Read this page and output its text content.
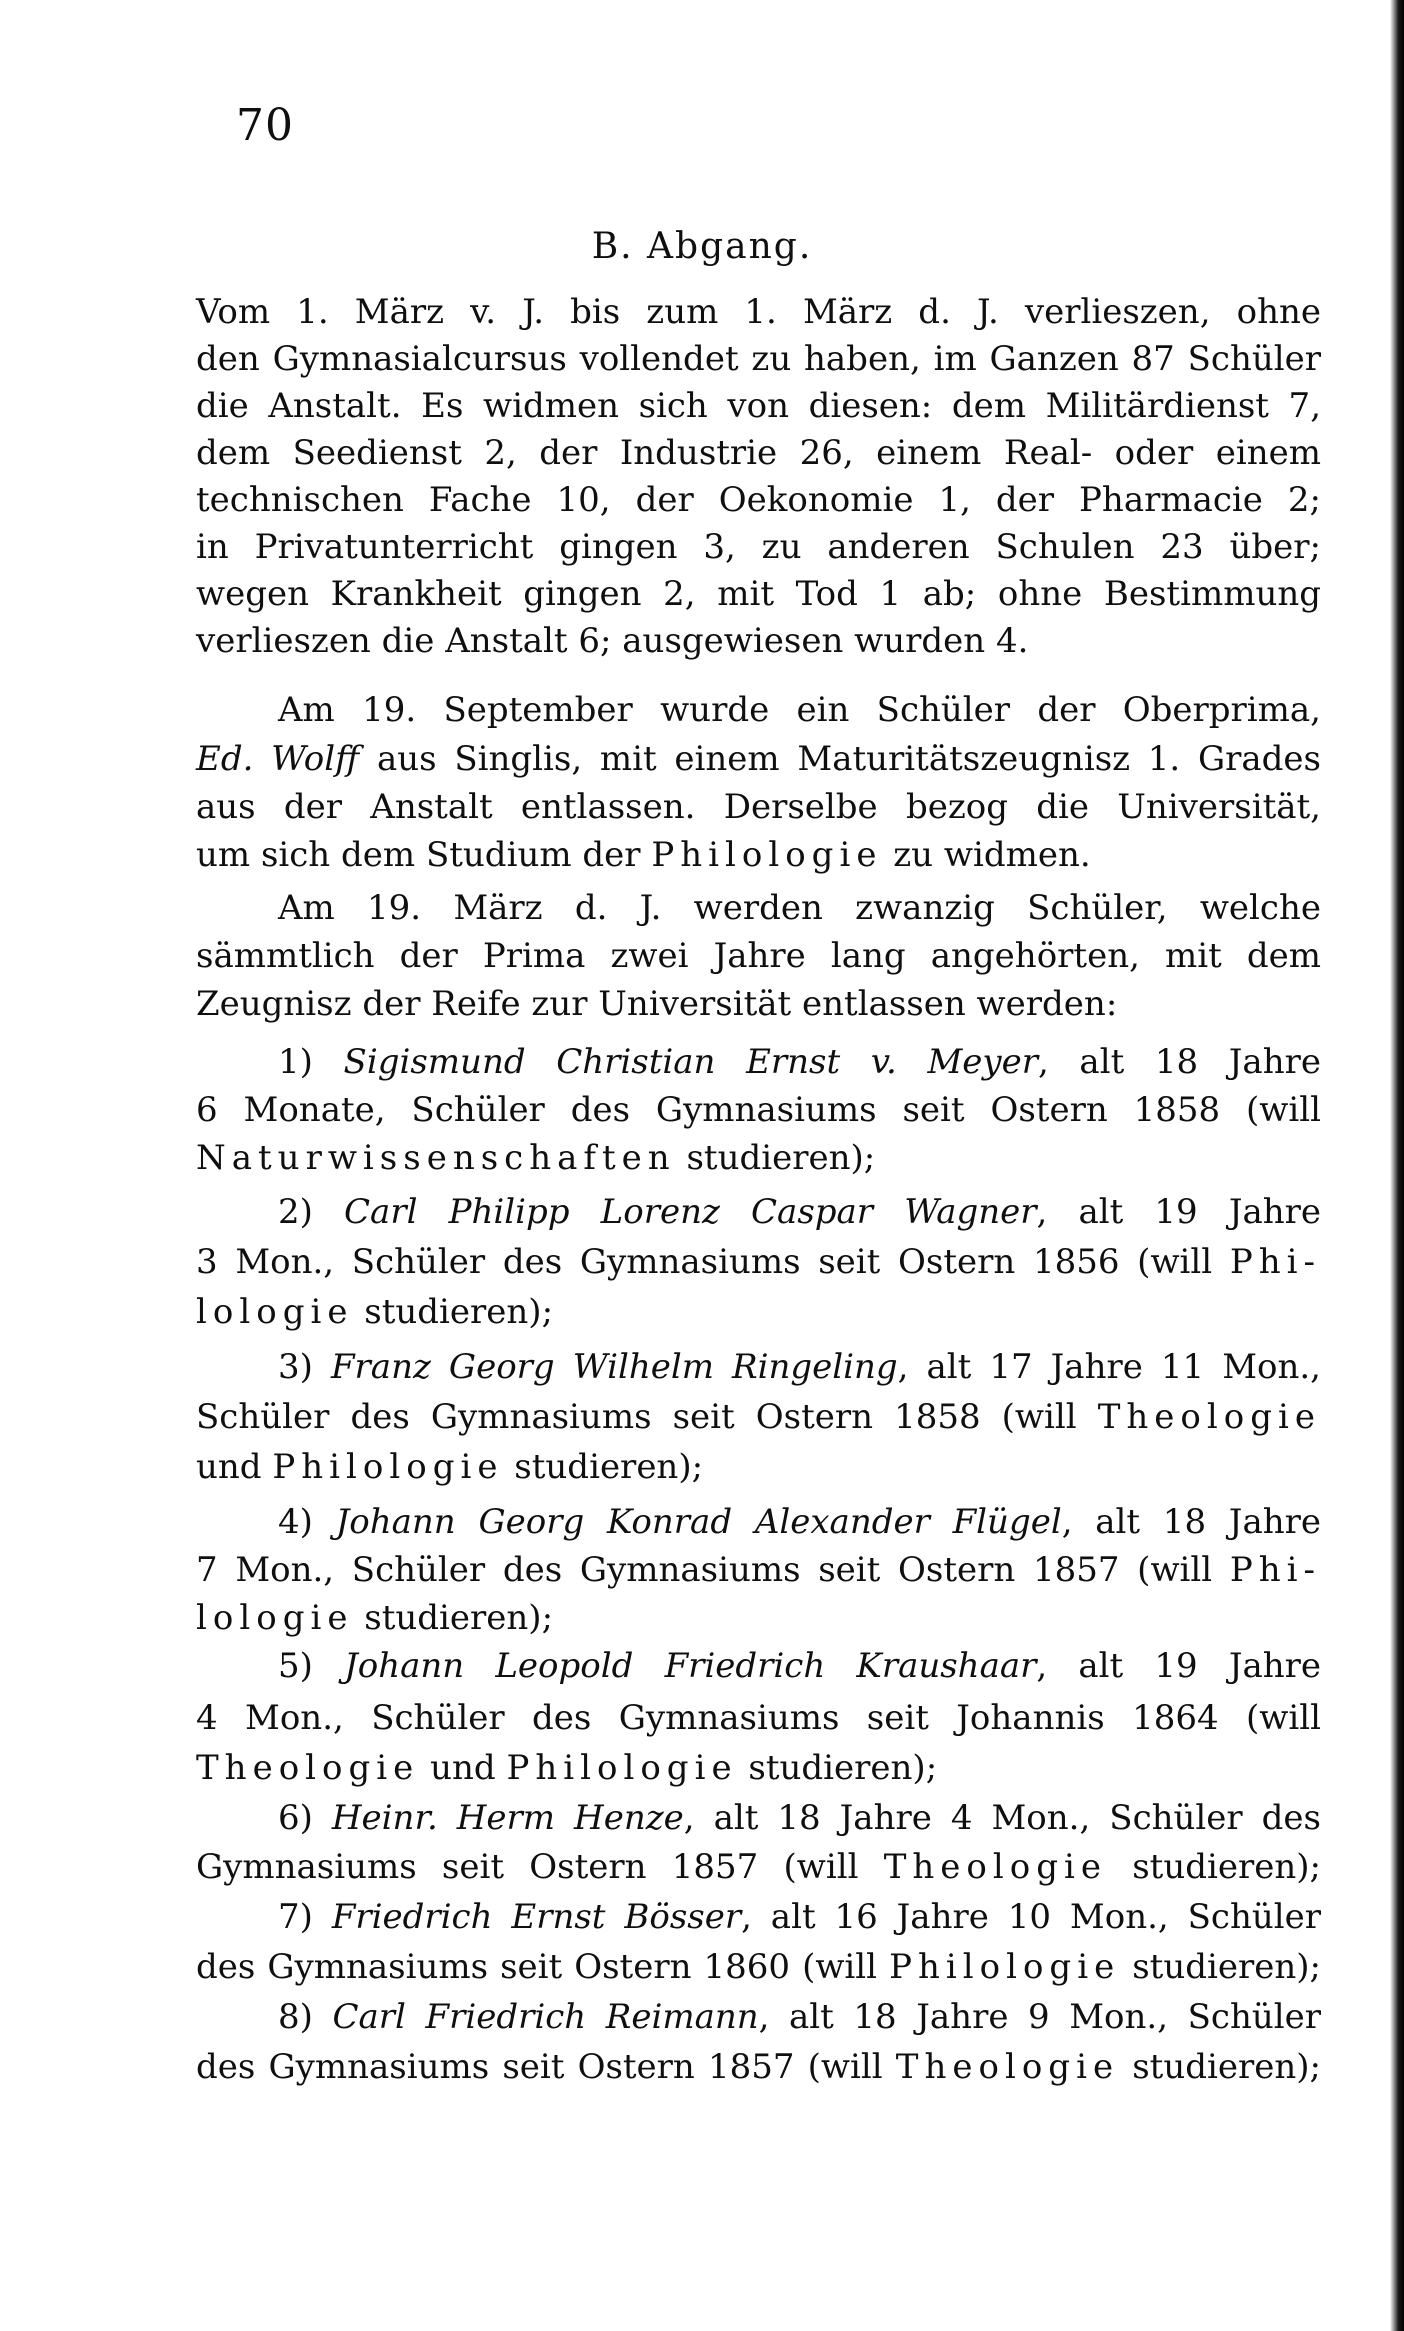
70
B. Abgang.
Vom 1. März v. J. bis zum 1. März d. J. verlieszen, ohne
den Gymnasialcursus vollendet zu haben, im Ganzen 87 Schüler
die Anstalt. Es widmen sich von diesen: dem Militärdienst 7,
dem Seedienst 2, der Industrie 26, einem Real- oder einem
technischen Fache 10, der Oekonomie 1, der Pharmacie 2;
in Privatunterricht gingen 3, zu anderen Schulen 23 über;
wegen Krankheit gingen 2, mit Tod 1 ab; ohne Bestimmung
verlieszen die Anstalt 6; ausgewiesen wurden 4.
Am 19. September wurde ein Schüler der Oberprima,
Ed. Wolff aus Singlis, mit einem Maturitätszeugnisz 1. Grades
aus der Anstalt entlassen. Derselbe bezog die Universität,
um sich dem Studium der Philologie zu widmen.
Am 19. März d. J. werden zwanzig Schüler, welche
sämmtlich der Prima zwei Jahre lang angehörten, mit dem
Zeugnisz der Reife zur Universität entlassen werden:
1) Sigismund Christian Ernst v. Meyer, alt 18 Jahre
6 Monate, Schüler des Gymnasiums seit Ostern 1858 (will
Naturwissenschaften studieren);
2) Carl Philipp Lorenz Caspar Wagner, alt 19 Jahre
3 Mon., Schüler des Gymnasiums seit Ostern 1856 (will Phi-
lologie studieren);
3) Franz Georg Wilhelm Ringeling, alt 17 Jahre 11 Mon.,
Schüler des Gymnasiums seit Ostern 1858 (will Theologie
und Philologie studieren);
4) Johann Georg Konrad Alexander Flügel, alt 18 Jahre
7 Mon., Schüler des Gymnasiums seit Ostern 1857 (will Phi-
lologie studieren);
5) Johann Leopold Friedrich Kraushaar, alt 19 Jahre
4 Mon., Schüler des Gymnasiums seit Johannis 1864 (will
Theologie und Philologie studieren);
6) Heinr. Herm Henze, alt 18 Jahre 4 Mon., Schüler des
Gymnasiums seit Ostern 1857 (will Theologie studieren);
7) Friedrich Ernst Bösser, alt 16 Jahre 10 Mon., Schüler
des Gymnasiums seit Ostern 1860 (will Philologie studieren);
8) Carl Friedrich Reimann, alt 18 Jahre 9 Mon., Schüler
des Gymnasiums seit Ostern 1857 (will Theologie studieren);
